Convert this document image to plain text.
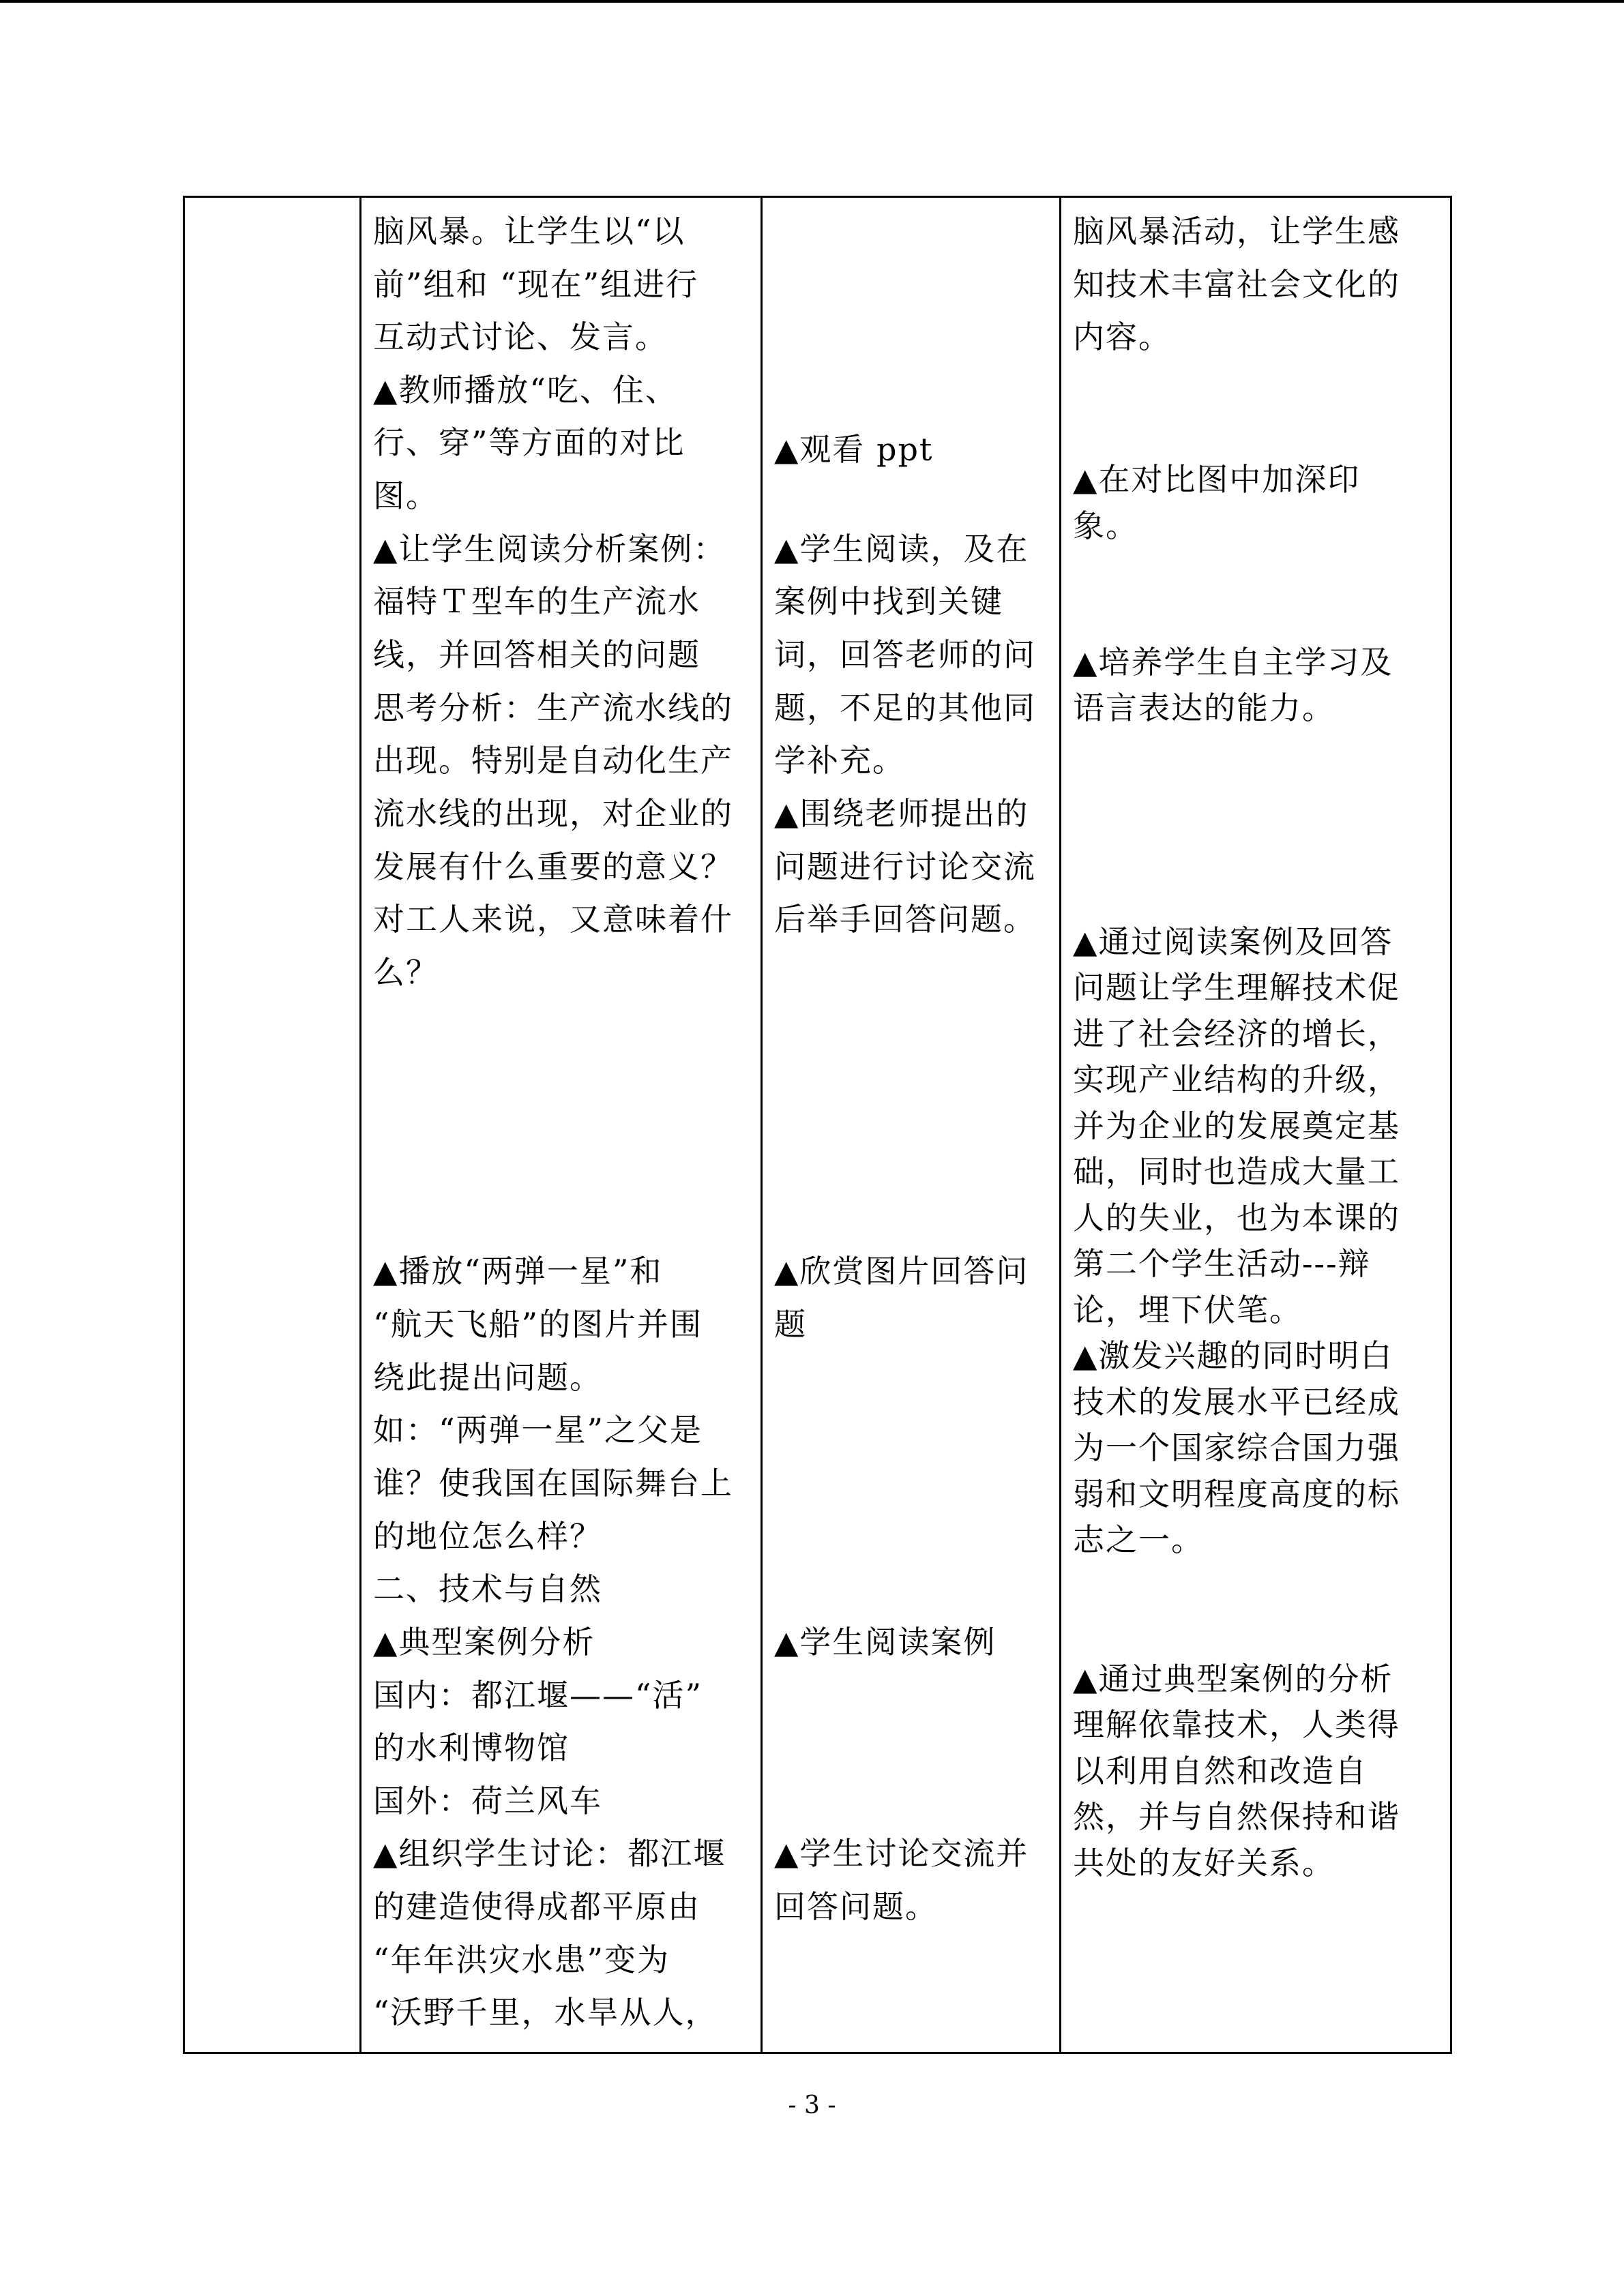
脑风暴。让学生以“以
前”组和 “现在”组进行
互动式讨论、发言。
▲教师播放“吃、住、
行、穿”等方面的对比
图。
▲让学生阅读分析案例：
福特Ｔ型车的生产流水
线，并回答相关的问题
思考分析：生产流水线的
出现。特别是自动化生产
流水线的出现，对企业的
发展有什么重要的意义？
对工人来说，又意味着什
么？
▲播放“两弹一星”和
“航天飞船”的图片并围
绕此提出问题。
如：“两弹一星”之父是
谁？使我国在国际舞台上
的地位怎么样？
二、技术与自然
▲典型案例分析
国内：都江堰——“活”
的水利博物馆
国外：荷兰风车
▲组织学生讨论：都江堰
的建造使得成都平原由
“年年洪灾水患”变为
“沃野千里，水旱从人，

▲观看 ppt
▲学生阅读，及在
案例中找到关键
词，回答老师的问
题，不足的其他同
学补充。
▲围绕老师提出的
问题进行讨论交流
后举手回答问题。
▲欣赏图片回答问
题
▲学生阅读案例
▲学生讨论交流并
回答问题。

脑风暴活动，让学生感
知技术丰富社会文化的
内容。
▲在对比图中加深印
象。
▲培养学生自主学习及
语言表达的能力。
▲通过阅读案例及回答
问题让学生理解技术促
进了社会经济的增长，
实现产业结构的升级，
并为企业的发展奠定基
础，同时也造成大量工
人的失业，也为本课的
第二个学生活动---辩
论，埋下伏笔。
▲激发兴趣的同时明白
技术的发展水平已经成
为一个国家综合国力强
弱和文明程度高度的标
志之一。
▲通过典型案例的分析
理解依靠技术，人类得
以利用自然和改造自
然，并与自然保持和谐
共处的友好关系。
- 3 -
